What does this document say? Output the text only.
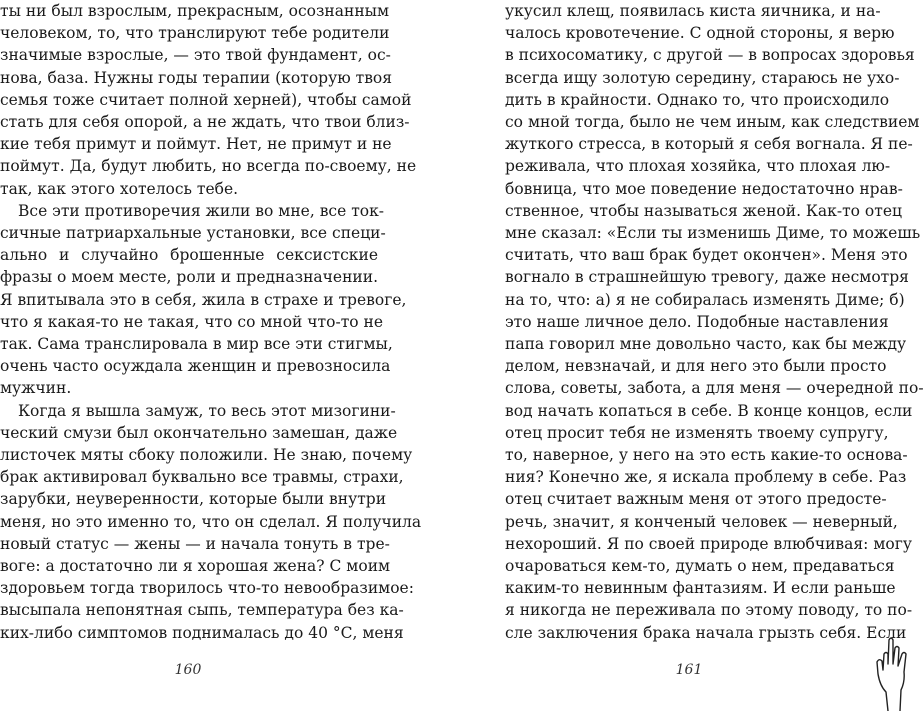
ты ни был взрослым, прекрасным, осознанным
человеком, то, что транслируют тебе родители
значимые взрослые, — это твой фундамент, ос-
нова, база. Нужны годы терапии (которую твоя
семья тоже считает полной херней), чтобы самой
стать для себя опорой, а не ждать, что твои близ-
кие тебя примут и поймут. Нет, не примут и не
поймут. Да, будут любить, но всегда по-своему, не
так, как этого хотелось тебе.
Все эти противоречия жили во мне, все ток-
сичные патриархальные установки, все специ-
ально и случайно брошенные сексистские
фразы о моем месте, роли и предназначении.
Я впитывала это в себя, жила в страхе и тревоге,
что я какая-то не такая, что со мной что-то не
так. Сама транслировала в мир все эти стигмы,
очень часто осуждала женщин и превозносила
мужчин.
Когда я вышла замуж, то весь этот мизогини-
ческий смузи был окончательно замешан, даже
листочек мяты сбоку положили. Не знаю, почему
брак активировал буквально все травмы, страхи,
зарубки, неуверенности, которые были внутри
меня, но это именно то, что он сделал. Я получила
новый статус — жены — и начала тонуть в тре-
воге: а достаточно ли я хорошая жена? С моим
здоровьем тогда творилось что-то невообразимое:
высыпала непонятная сыпь, температура без ка-
ких-либо симптомов поднималась до 40 °С, меня
укусил клещ, появилась киста яичника, и на-
чалось кровотечение. С одной стороны, я верю
в психосоматику, с другой — в вопросах здоровья
всегда ищу золотую середину, стараюсь не ухо-
дить в крайности. Однако то, что происходило
со мной тогда, было не чем иным, как следствием
жуткого стресса, в который я себя вогнала. Я пе-
реживала, что плохая хозяйка, что плохая лю-
бовница, что мое поведение недостаточно нрав-
ственное, чтобы называться женой. Как-то отец
мне сказал: «Если ты изменишь Диме, то можешь
считать, что ваш брак будет окончен». Меня это
вогнало в страшнейшую тревогу, даже несмотря
на то, что: а) я не собиралась изменять Диме; б)
это наше личное дело. Подобные наставления
папа говорил мне довольно часто, как бы между
делом, невзначай, и для него это были просто
слова, советы, забота, а для меня — очередной по-
вод начать копаться в себе. В конце концов, если
отец просит тебя не изменять твоему супругу,
то, наверное, у него на это есть какие-то основа-
ния? Конечно же, я искала проблему в себе. Раз
отец считает важным меня от этого предосте-
речь, значит, я конченый человек — неверный,
нехороший. Я по своей природе влюбчивая: могу
очароваться кем-то, думать о нем, предаваться
каким-то невинным фантазиям. И если раньше
я никогда не переживала по этому поводу, то по-
сле заключения брака начала грызть себя. Если
160	161
